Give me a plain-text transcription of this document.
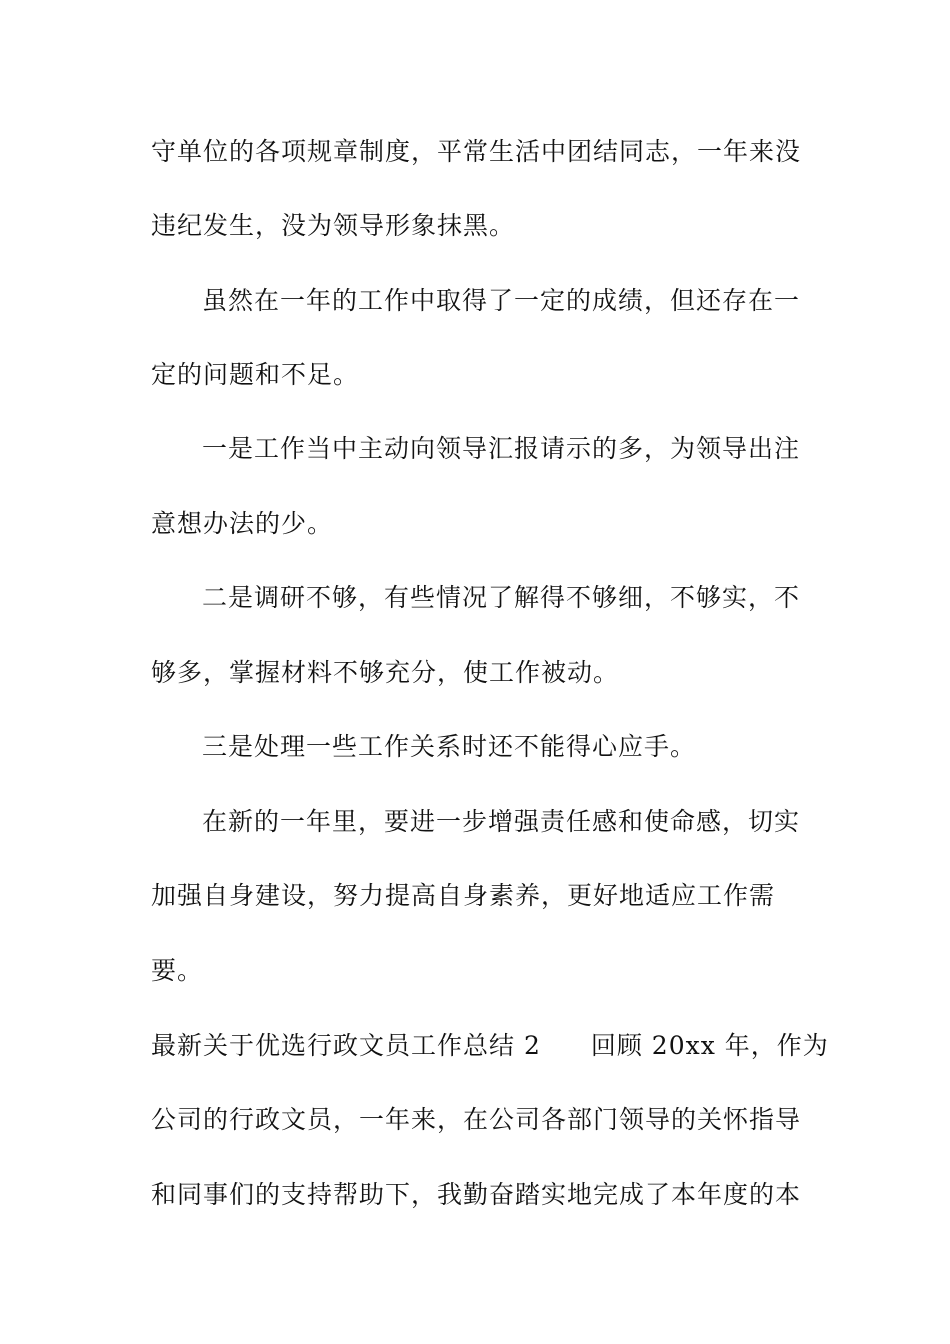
守单位的各项规章制度，平常生活中团结同志，一年来没
违纪发生，没为领导形象抹黑。
虽然在一年的工作中取得了一定的成绩，但还存在一
定的问题和不足。
一是工作当中主动向领导汇报请示的多，为领导出注
意想办法的少。
二是调研不够，有些情况了解得不够细，不够实，不
够多，掌握材料不够充分，使工作被动。
三是处理一些工作关系时还不能得心应手。
在新的一年里，要进一步增强责任感和使命感，切实
加强自身建设，努力提高自身素养，更好地适应工作需
要。
最新关于优选行政文员工作总结 2 回顾 20xx 年，作为
公司的行政文员，一年来，在公司各部门领导的关怀指导
和同事们的支持帮助下，我勤奋踏实地完成了本年度的本
